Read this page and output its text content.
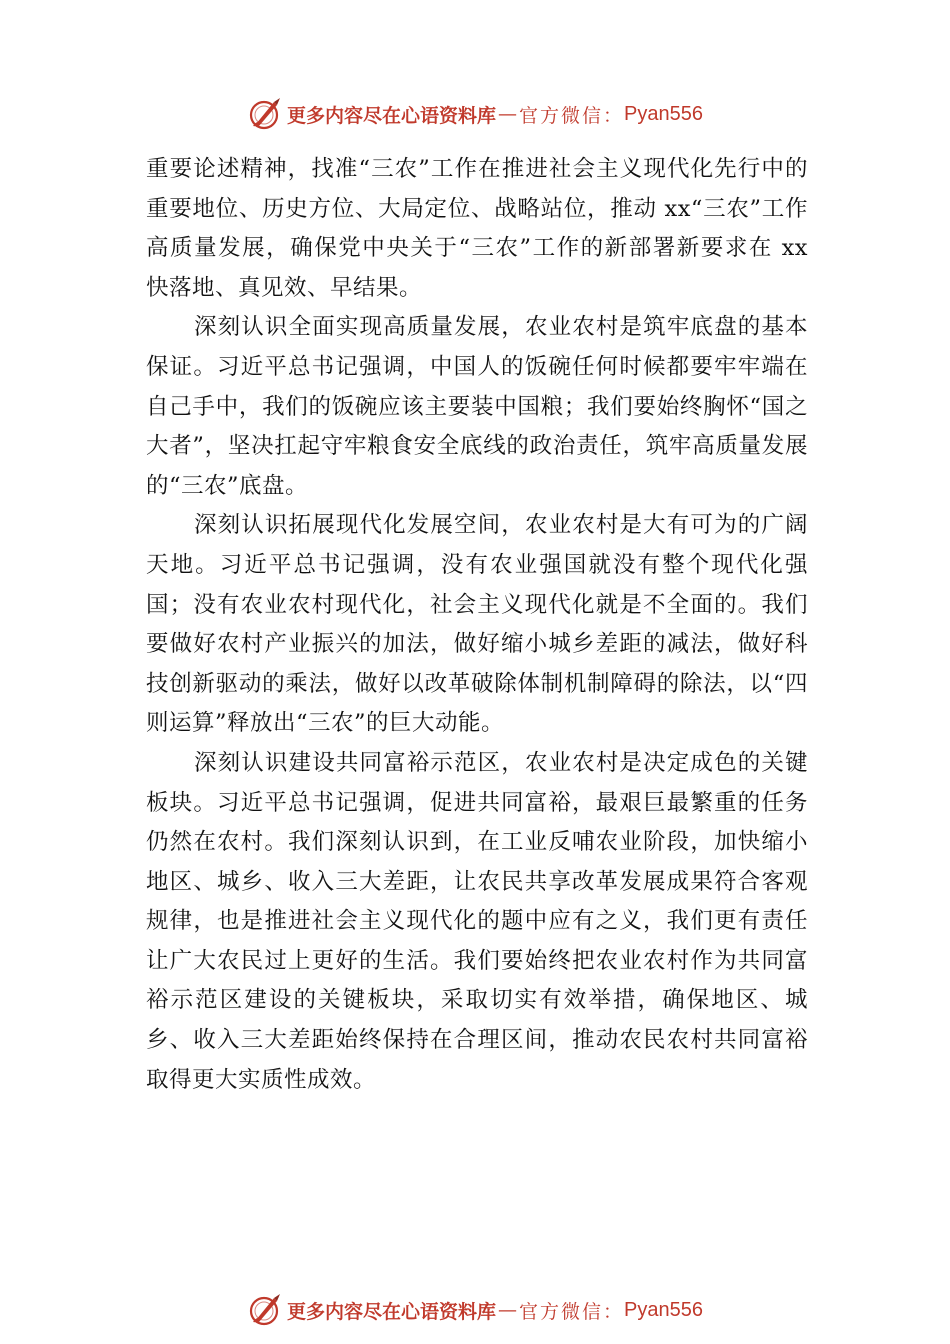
更多内容尽在心语资料库 — 官方微信： Pyan556

重要论述精神，找准“三农”工作在推进社会主义现代化先行中的重要地位、历史方位、大局定位、战略站位，推动 xx“三农”工作高质量发展，确保党中央关于“三农”工作的新部署新要求在 xx 快落地、真见效、早结果。

深刻认识全面实现高质量发展，农业农村是筑牢底盘的基本保证。习近平总书记强调，中国人的饭碗任何时候都要牢牢端在自己手中，我们的饭碗应该主要装中国粮；我们要始终胸怀“国之大者”，坚决扛起守牢粮食安全底线的政治责任，筑牢高质量发展的“三农”底盘。

深刻认识拓展现代化发展空间，农业农村是大有可为的广阔天地。习近平总书记强调，没有农业强国就没有整个现代化强国；没有农业农村现代化，社会主义现代化就是不全面的。我们要做好农村产业振兴的加法，做好缩小城乡差距的减法，做好科技创新驱动的乘法，做好以改革破除体制机制障碍的除法，以“四则运算”释放出“三农”的巨大动能。

深刻认识建设共同富裕示范区，农业农村是决定成色的关键板块。习近平总书记强调，促进共同富裕，最艰巨最繁重的任务仍然在农村。我们深刻认识到，在工业反哺农业阶段，加快缩小地区、城乡、收入三大差距，让农民共享改革发展成果符合客观规律，也是推进社会主义现代化的题中应有之义，我们更有责任让广大农民过上更好的生活。我们要始终把农业农村作为共同富裕示范区建设的关键板块，采取切实有效举措，确保地区、城乡、收入三大差距始终保持在合理区间，推动农民农村共同富裕取得更大实质性成效。

更多内容尽在心语资料库 — 官方微信： Pyan556
